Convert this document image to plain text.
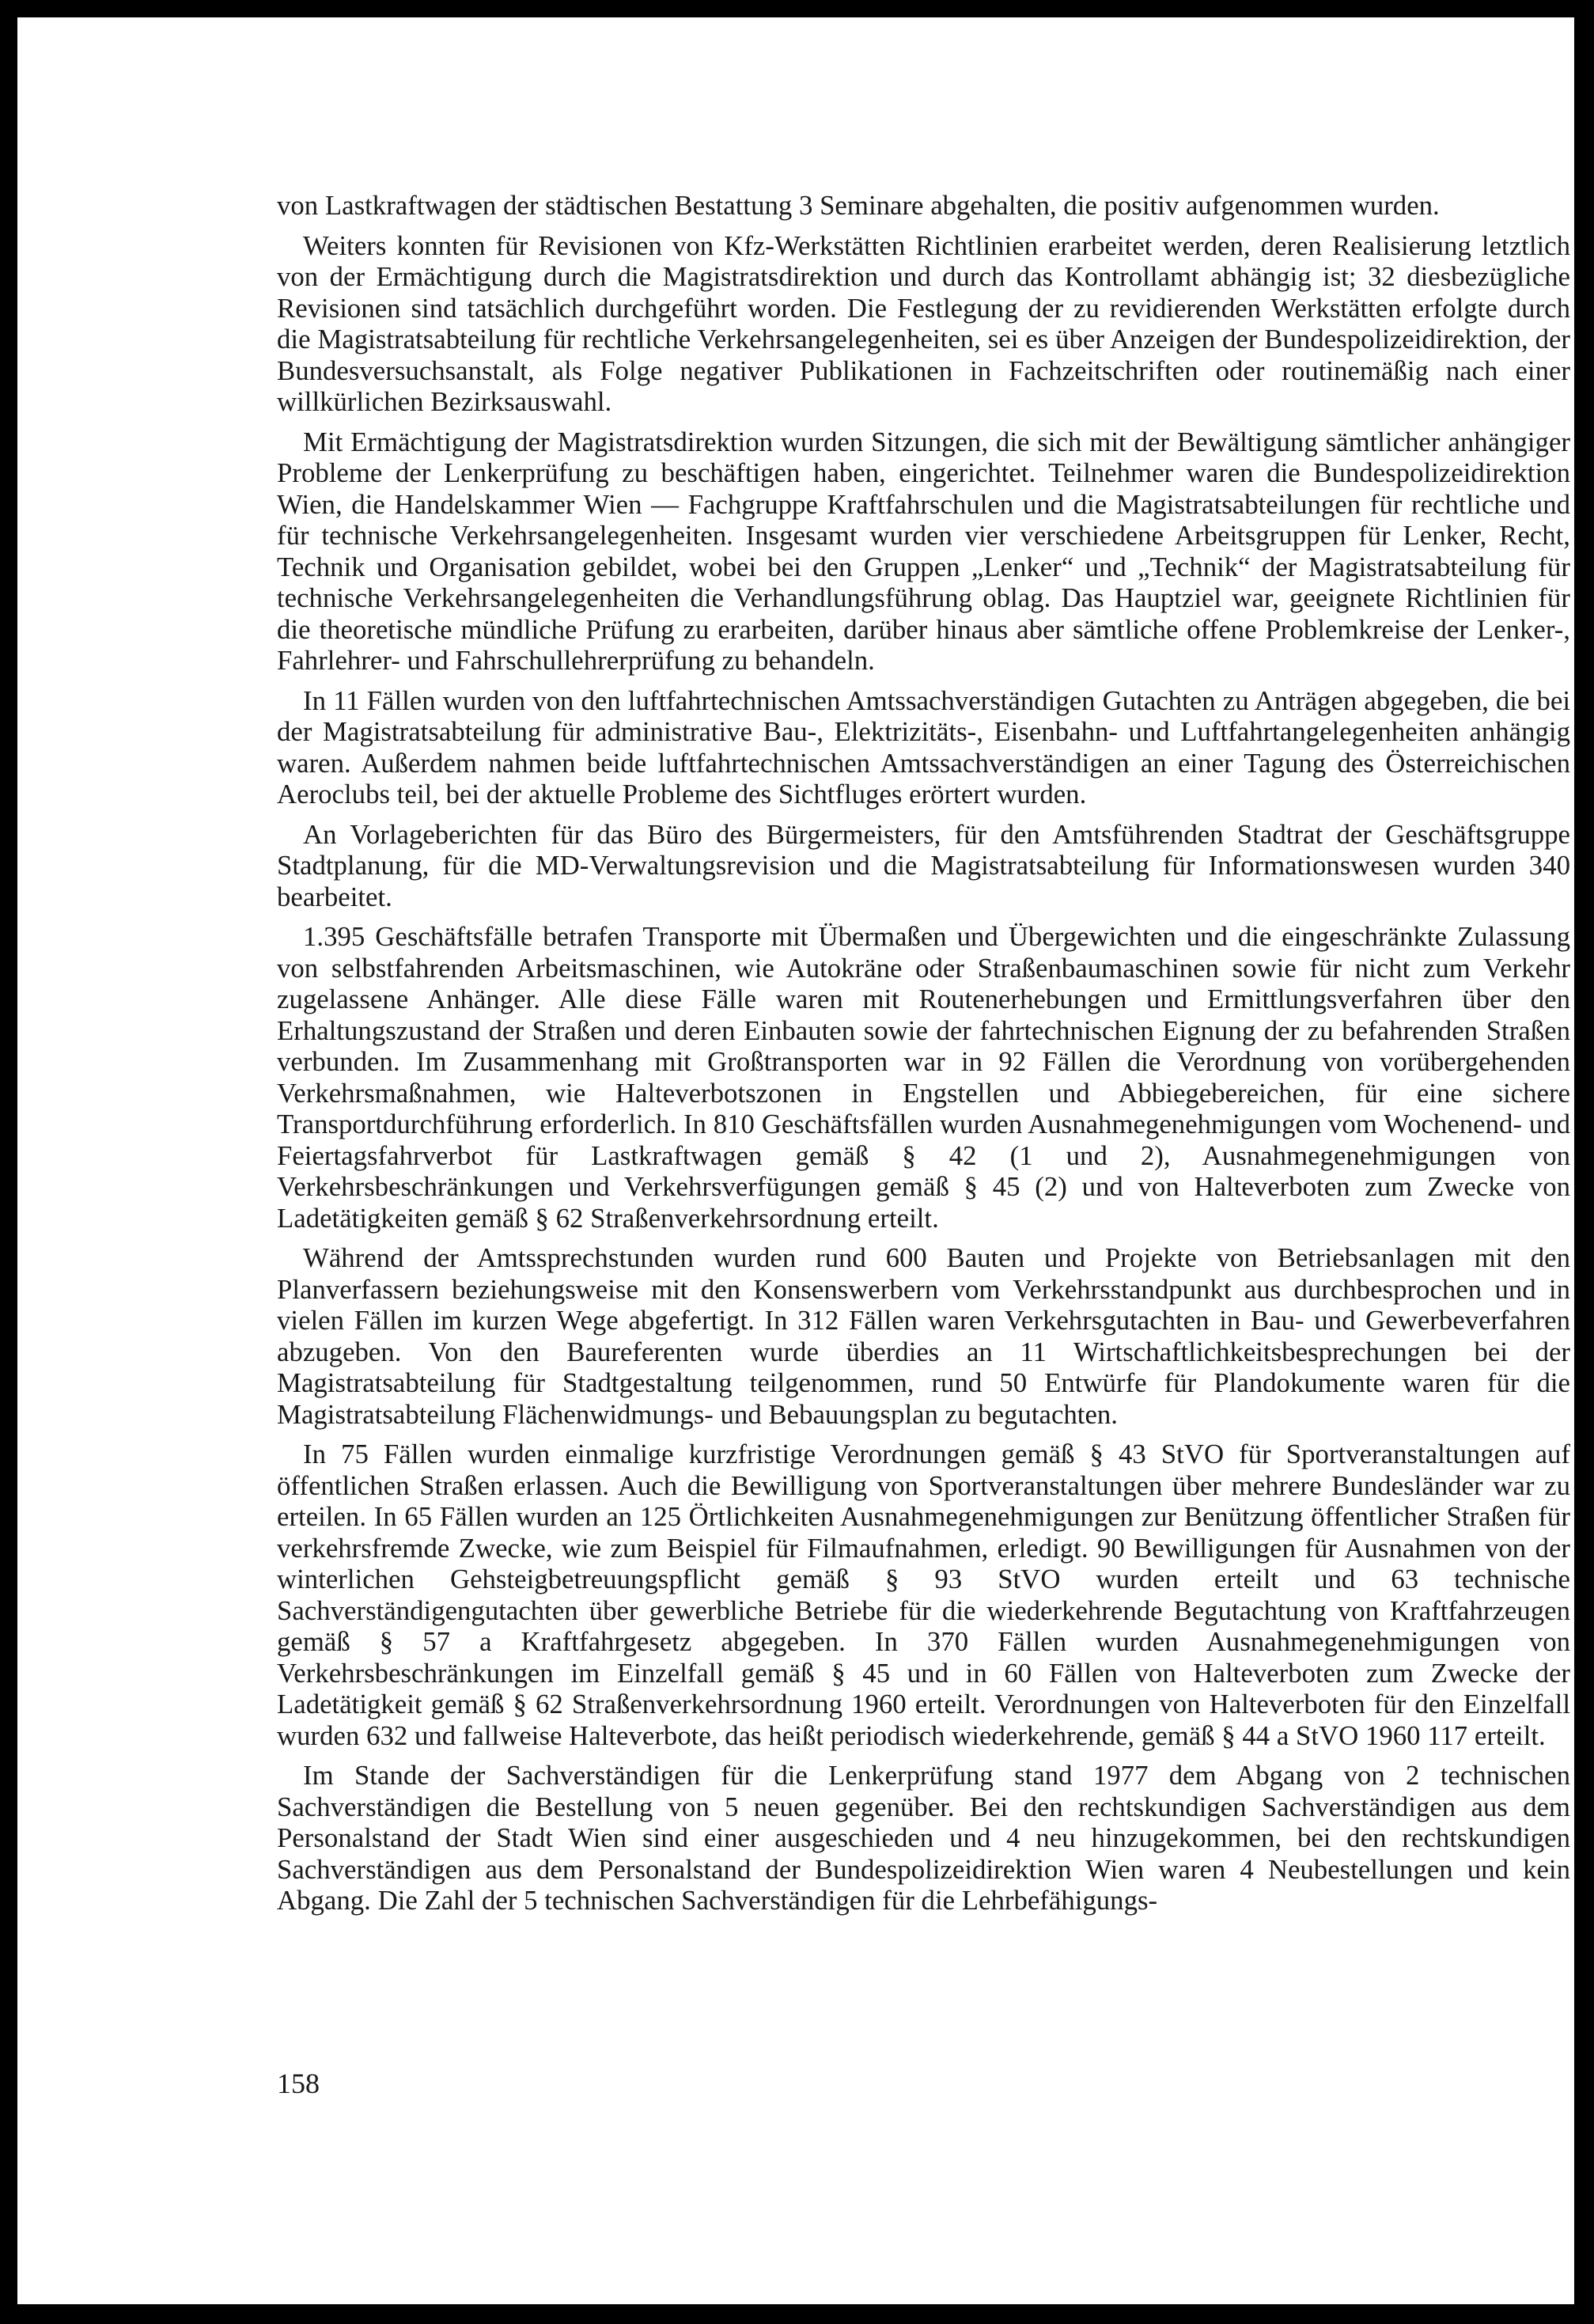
von Lastkraftwagen der städtischen Bestattung 3 Seminare abgehalten, die positiv aufgenommen wurden.

Weiters konnten für Revisionen von Kfz-Werkstätten Richtlinien erarbeitet werden, deren Realisierung letztlich von der Ermächtigung durch die Magistratsdirektion und durch das Kontrollamt abhängig ist; 32 diesbezügliche Revisionen sind tatsächlich durchgeführt worden. Die Festlegung der zu revidierenden Werkstätten erfolgte durch die Magistratsabteilung für rechtliche Verkehrsangelegenheiten, sei es über Anzeigen der Bundespolizeidirektion, der Bundesversuchsanstalt, als Folge negativer Publikationen in Fachzeitschriften oder routinemäßig nach einer willkürlichen Bezirksauswahl.

Mit Ermächtigung der Magistratsdirektion wurden Sitzungen, die sich mit der Bewältigung sämtlicher anhängiger Probleme der Lenkerprüfung zu beschäftigen haben, eingerichtet. Teilnehmer waren die Bundespolizeidirektion Wien, die Handelskammer Wien — Fachgruppe Kraftfahrschulen und die Magistratsabteilungen für rechtliche und für technische Verkehrsangelegenheiten. Insgesamt wurden vier verschiedene Arbeitsgruppen für Lenker, Recht, Technik und Organisation gebildet, wobei bei den Gruppen „Lenker“ und „Technik“ der Magistratsabteilung für technische Verkehrsangelegenheiten die Verhandlungsführung oblag. Das Hauptziel war, geeignete Richtlinien für die theoretische mündliche Prüfung zu erarbeiten, darüber hinaus aber sämtliche offene Problemkreise der Lenker-, Fahrlehrer- und Fahrschullehrerprüfung zu behandeln.

In 11 Fällen wurden von den luftfahrtechnischen Amtssachverständigen Gutachten zu Anträgen abgegeben, die bei der Magistratsabteilung für administrative Bau-, Elektrizitäts-, Eisenbahn- und Luftfahrtangelegenheiten anhängig waren. Außerdem nahmen beide luftfahrtechnischen Amtssachverständigen an einer Tagung des Österreichischen Aeroclubs teil, bei der aktuelle Probleme des Sichtfluges erörtert wurden.

An Vorlageberichten für das Büro des Bürgermeisters, für den Amtsführenden Stadtrat der Geschäftsgruppe Stadtplanung, für die MD-Verwaltungsrevision und die Magistratsabteilung für Informationswesen wurden 340 bearbeitet.

1.395 Geschäftsfälle betrafen Transporte mit Übermaßen und Übergewichten und die eingeschränkte Zulassung von selbstfahrenden Arbeitsmaschinen, wie Autokräne oder Straßenbaumaschinen sowie für nicht zum Verkehr zugelassene Anhänger. Alle diese Fälle waren mit Routenerhebungen und Ermittlungsverfahren über den Erhaltungszustand der Straßen und deren Einbauten sowie der fahrtechnischen Eignung der zu befahrenden Straßen verbunden. Im Zusammenhang mit Großtransporten war in 92 Fällen die Verordnung von vorübergehenden Verkehrsmaßnahmen, wie Halteverbotszonen in Engstellen und Abbiegebereichen, für eine sichere Transportdurchführung erforderlich. In 810 Geschäftsfällen wurden Ausnahmegenehmigungen vom Wochenend- und Feiertagsfahrverbot für Lastkraftwagen gemäß § 42 (1 und 2), Ausnahmegenehmigungen von Verkehrsbeschränkungen und Verkehrsverfügungen gemäß § 45 (2) und von Halteverboten zum Zwecke von Ladetätigkeiten gemäß § 62 Straßenverkehrsordnung erteilt.

Während der Amtssprechstunden wurden rund 600 Bauten und Projekte von Betriebsanlagen mit den Planverfassern beziehungsweise mit den Konsenswerbern vom Verkehrsstandpunkt aus durchbesprochen und in vielen Fällen im kurzen Wege abgefertigt. In 312 Fällen waren Verkehrsgutachten in Bau- und Gewerbeverfahren abzugeben. Von den Baureferenten wurde überdies an 11 Wirtschaftlichkeitsbesprechungen bei der Magistratsabteilung für Stadtgestaltung teilgenommen, rund 50 Entwürfe für Plandokumente waren für die Magistratsabteilung Flächenwidmungs- und Bebauungsplan zu begutachten.

In 75 Fällen wurden einmalige kurzfristige Verordnungen gemäß § 43 StVO für Sportveranstaltungen auf öffentlichen Straßen erlassen. Auch die Bewilligung von Sportveranstaltungen über mehrere Bundesländer war zu erteilen. In 65 Fällen wurden an 125 Örtlichkeiten Ausnahmegenehmigungen zur Benützung öffentlicher Straßen für verkehrsfremde Zwecke, wie zum Beispiel für Filmaufnahmen, erledigt. 90 Bewilligungen für Ausnahmen von der winterlichen Gehsteigbetreuungspflicht gemäß § 93 StVO wurden erteilt und 63 technische Sachverständigengutachten über gewerbliche Betriebe für die wiederkehrende Begutachtung von Kraftfahrzeugen gemäß § 57 a Kraftfahrgesetz abgegeben. In 370 Fällen wurden Ausnahmegenehmigungen von Verkehrsbeschränkungen im Einzelfall gemäß § 45 und in 60 Fällen von Halteverboten zum Zwecke der Ladetätigkeit gemäß § 62 Straßenverkehrsordnung 1960 erteilt. Verordnungen von Halteverboten für den Einzelfall wurden 632 und fallweise Halteverbote, das heißt periodisch wiederkehrende, gemäß § 44 a StVO 1960 117 erteilt.

Im Stande der Sachverständigen für die Lenkerprüfung stand 1977 dem Abgang von 2 technischen Sachverständigen die Bestellung von 5 neuen gegenüber. Bei den rechtskundigen Sachverständigen aus dem Personalstand der Stadt Wien sind einer ausgeschieden und 4 neu hinzugekommen, bei den rechtskundigen Sachverständigen aus dem Personalstand der Bundespolizeidirektion Wien waren 4 Neubestellungen und kein Abgang. Die Zahl der 5 technischen Sachverständigen für die Lehrbefähigungs-

158
